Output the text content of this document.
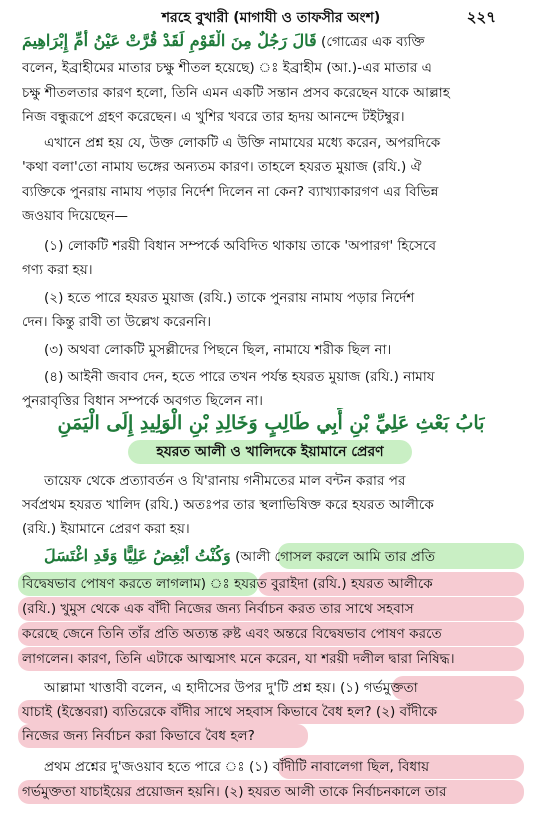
শরহে বুখারী (মাগাযী ও তাফসীর অংশ)	২২৭
قَالَ رَجُلٌ مِنَ الْقَوْمِ لَقَدْ قُرَّتْ عَيْنُ أُمِّ إِبْرَاهِيمَ (গোত্রের এক ব্যক্তি
বলেন, ইব্রাহীমের মাতার চক্ষু শীতল হয়েছে) ঃ ইব্রাহীম (আ.)-এর মাতার এ
চক্ষু শীতলতার কারণ হলো, তিনি এমন একটি সন্তান প্রসব করেছেন যাকে আল্লাহ
নিজ বন্ধুরূপে গ্রহণ করেছেন। এ খুশির খবরে তার হৃদয় আনন্দে টইটম্বুর।
এখানে প্রশ্ন হয় যে, উক্ত লোকটি এ উক্তি নামাযের মধ্যে করেন, অপরদিকে
'কথা বলা'তো নামায ভঙ্গের অন্যতম কারণ। তাহলে হযরত মুয়াজ (রযি.) ঐ
ব্যক্তিকে পুনরায় নামায পড়ার নির্দেশ দিলেন না কেন? ব্যাখ্যাকারগণ এর বিভিন্ন
জওয়াব দিয়েছেন—
(১) লোকটি শরয়ী বিধান সম্পর্কে অবিদিত থাকায় তাকে 'অপারগ' হিসেবে
গণ্য করা হয়।
(২) হতে পারে হযরত মুয়াজ (রযি.) তাকে পুনরায় নামায পড়ার নির্দেশ
দেন। কিন্তু রাবী তা উল্লেখ করেননি।
(৩) অথবা লোকটি মুসল্লীদের পিছনে ছিল, নামাযে শরীক ছিল না।
(৪) আইনী জবাব দেন, হতে পারে তখন পর্যন্ত হযরত মুয়াজ (রযি.) নামায
পুনরাবৃত্তির বিধান সম্পর্কে অবগত ছিলেন না।
بَابُ بَعْثِ عَلِيِّ بْنِ أَبِي طَالِبٍ وَخَالِدِ بْنِ الْوَلِيدِ إِلَى الْيَمَنِ
হযরত আলী ও খালিদকে ইয়ামানে প্রেরণ
তায়েফ থেকে প্রত্যাবর্তন ও যি'রানায় গনীমতের মাল বন্টন করার পর
সর্বপ্রথম হযরত খালিদ (রযি.) অতঃপর তার স্থলাভিষিক্ত করে হযরত আলীকে
(রযি.) ইয়ামানে প্রেরণ করা হয়।
وَكُنْتُ أُبْغِضُ عَلِيًّا وَقَدِ اغْتَسَلَ (আলী গোসল করলে আমি তার প্রতি
বিদ্বেষভাব পোষণ করতে লাগলাম) ঃ হযরত বুরাইদা (রযি.) হযরত আলীকে
(রযি.) খুমুস থেকে এক বাঁদী নিজের জন্য নির্বাচন করত তার সাথে সহবাস
করেছে জেনে তিনি তাঁর প্রতি অত্যন্ত রুষ্ট এবং অন্তরে বিদ্বেষভাব পোষণ করতে
লাগলেন। কারণ, তিনি এটাকে আত্মসাৎ মনে করেন, যা শরয়ী দলীল দ্বারা নিষিদ্ধ।
আল্লামা খাত্তাবী বলেন, এ হাদীসের উপর দু'টি প্রশ্ন হয়। (১) গর্ভমুক্ততা
যাচাই (ইস্তেবরা) ব্যতিরেকে বাঁদীর সাথে সহবাস কিভাবে বৈধ হল? (২) বাঁদীকে
নিজের জন্য নির্বাচন করা কিভাবে বৈধ হল?
প্রথম প্রশ্নের দু'জওয়াব হতে পারে ঃ (১) বাঁদীটি নাবালেগা ছিল, বিধায়
গর্ভমুক্ততা যাচাইয়ের প্রয়োজন হয়নি। (২) হযরত আলী তাকে নির্বাচনকালে তার
